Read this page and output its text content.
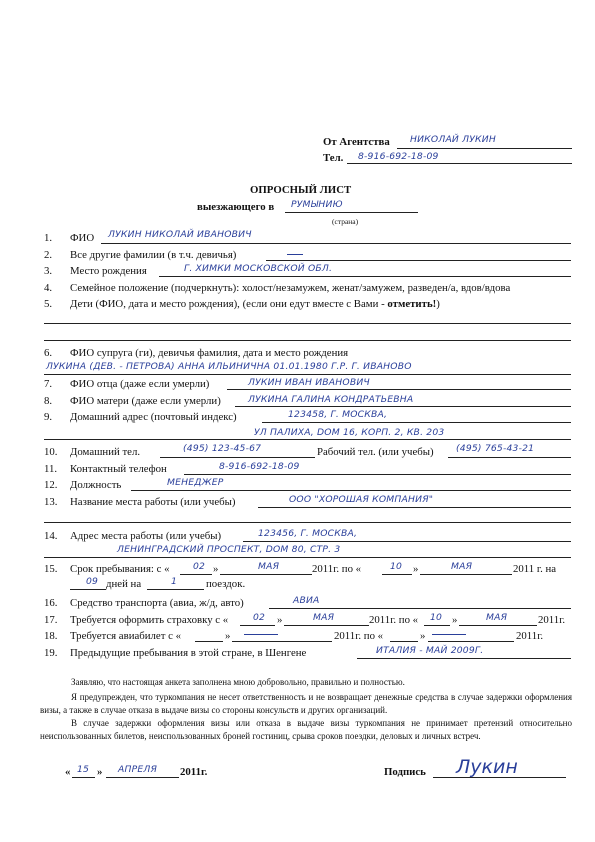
От Агентства НИКОЛАЙ ЛУКИН
Тел. 8-916-692-18-09
ОПРОСНЫЙ ЛИСТ
выезжающего в РУМЫНИЮ
(страна)
1. ФИО ЛУКИН НИКОЛАЙ ИВАНОВИЧ
2. Все другие фамилии (в т.ч. девичья)
3. Место рождения	Г. ХИМКИ МОСКОВСКОЙ ОБЛ.
4. Семейное положение (подчеркнуть): холост/незамужем, женат/замужем, разведен/а, вдов/вдова
5. Дети (ФИО, дата и место рождения), (если они едут вместе с Вами - отметить!)
6. ФИО супруга (ги), девичья фамилия, дата и место рождения
ЛУКИНА (ДЕВ. - ПЕТРОВА) АННА ИЛЬИНИЧНА 01.01.1980 Г.Р. Г. ИВАНОВО
7. ФИО отца (даже если умерли)	ЛУКИН ИВАН ИВАНОВИЧ
8. ФИО матери (даже если умерли)	ЛУКИНА ГАЛИНА КОНДРАТЬЕВНА
9. Домашний адрес (почтовый индекс)	123458, Г. МОСКВА,
УЛ ПАЛИХА, DOM 16, КОРП. 2, КВ. 203
10. Домашний тел.	(495) 123-45-67	Рабочий тел. (или учебы) (495) 765-43-21
11. Контактный телефон	8-916-692-18-09
12. Должность	МЕНЕДЖЕР
13. Название места работы (или учебы)	ООО "ХОРОШАЯ КОМПАНИЯ"
14. Адрес места работы (или учебы)	123456, Г. МОСКВА,
ЛЕНИНГРАДСКИЙ ПРОСПЕКТ, DOM 80, СТР. 3
15. Срок пребывания: с «	02 »	МАЯ	2011г. по «	10 »	МАЯ	2011 г. на
09 дней на	1	поездок.
16. Средство транспорта (авиа, ж/д, авто)	АВИА
17. Требуется оформить страховку с «	02 »	МАЯ	2011г. по « 10 »	МАЯ	2011г.
18. Требуется авиабилет с «	»	2011г. по «	»	2011г.
19. Предыдущие пребывания в этой стране, в Шенгене	ИТАЛИЯ - МАЙ 2009Г.
Заявляю, что настоящая анкета заполнена мною добровольно, правильно и полностью.
Я предупрежден, что туркомпания не несет ответственность и не возвращает денежные средства в случае задержки оформления визы, а также в случае отказа в выдаче визы со стороны консульств и других организаций.
В случае задержки оформления визы или отказа в выдаче визы туркомпания не принимает претензий относительно неиспользованных билетов, неиспользованных броней гостиниц, срыва сроков поездки, деловых и личных встреч.
« 15 » АПРЕЛЯ 2011г.	Подпись Лукин
